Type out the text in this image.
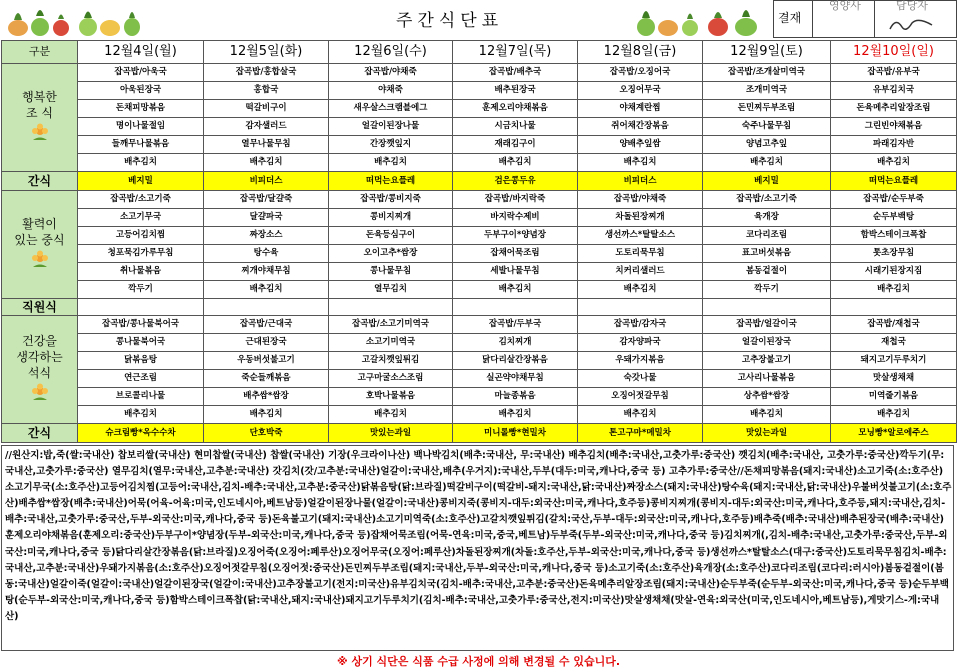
주간식단표	결재
영양사	담당자
구분	12월4일(월)	12월5일(화)	12월6일(수)	12월7일(목)	12월8일(금)	12월9일(토)	12월10일(일)

행복한
조 식	잡곡밥/아욱국	잡곡밥/홍합살국	잡곡밥/야채죽	잡곡밥/배추국	잡곡밥/오징어국	잡곡밥/조개살미역국	잡곡밥/유부국
	아욱된장국	홍합국	야채죽	배추된장국	오징어무국	조개미역국	유부김치국
	돈채피망볶음	떡갈비구이	새우살스크램블에그	훈제오리야채볶음	야채계란찜	돈민찌두부조림	돈육메추리알장조림
	명이나물절임	감자샐러드	얼갈이된장나물	시금치나물	쥐어채간장볶음	숙주나물무침	그린빈야채볶음
	들깨무나물볶음	열무나물무침	간장깻잎지	재래김구이	양배추잎쌈	양념고추잎	파래김자반
	배추김치	배추김치	배추김치	배추김치	배추김치	배추김치	배추김치
간식	베지밀	비피더스	떠먹는요플레	검은콩두유	비피더스	베지밀	떠먹는요플레

활력이
있는 중식	잡곡밥/소고기죽	잡곡밥/달걀죽	잡곡밥/콩비지죽	잡곡밥/바지락죽	잡곡밥/야채죽	잡곡밥/소고기죽	잡곡밥/순두부죽
	소고기무국	달걀파국	콩비지찌개	바지락수제비	차돌된장찌개	육개장	순두부백탕
	고등어김치찜	짜장소스	돈육등심구이	두부구이*양념장	생선까스*탈탈소스	코다리조림	함박스테이크폭찹
	청포묵김가루무침	탕수육	오이고추*쌈장	잡채어묵조림	도토리묵무침	표고버섯볶음	톳초장무침
	취나물볶음	찌개야채무침	콩나물무침	세발나물무침	치커리샐러드	봄동겉절이	시래기된장지짐
	깍두기	배추김치	열무김치	배추김치	배추김치	깍두기	배추김치
직원식							

건강을
생각하는
석식	잡곡밥/콩나물북어국	잡곡밥/근대국	잡곡밥/소고기미역국	잡곡밥/두부국	잡곡밥/감자국	잡곡밥/얼갈이국	잡곡밥/재첩국
	콩나물북어국	근대된장국	소고기미역국	김치찌개	감자양파국	얼갈이된장국	재첩국
	닭볶음탕	우동버섯불고기	고갈치깻잎튀김	닭다리살간장볶음	우돼가지볶음	고추장불고기	돼지고기두루치기
	연근조림	죽순들깨볶음	고구마굴소스조림	실곤약야채무침	숙갓나물	고사리나물볶음	맛살생채채
	브로콜리나물	배추쌈*쌈장	호박나물볶음	마늘종볶음	오징어젓갈무침	상추쌈*쌈장	미역줄기볶음
	배추김치	배추김치	배추김치	배추김치	배추김치	배추김치	배추김치
간식	슈크림빵*옥수수차	단호박죽	맛있는과일	미니롤빵*현밀차	톤고구마*메밀차	맛있는과일	모닝빵*알로에주스
//원산지:밥,죽(쌀:국내산) 찹보리쌀(국내산) 현미찹쌀(국내산) 찹쌀(국내산) 기장(우크라이나산) 백나박김치(배추:국내산, 무:국내산) 배추김치(배추:국내산,고춧가루:중국산) 깻김치(배추:국내산, 고춧가루:중국산)깍두기(무:국내산,고춧가루:중국산) 열무김치(열무:국내산,고추분:국내산) 갓김치(갓/고추분:국내산)얼갈이:국내산,배추(우거지):국내산,두부(대두:미국,캐나다,중국 등) 고추가루:중국산//돈채피망볶음(돼지:국내산)소고기죽(소:호주산)소고기무국(소:호주산)고등어김치찜(고등어:국내산,김치-배추:국내산,고추분:중국산)닭볶음탕(닭:브라질)떡갈비구이(떡갈비-돼지:국내산,닭:국내산)짜장소스(돼지:국내산)탕수육(돼지:국내산,닭:국내산)우불버섯불고기(소:호주산)배추쌈*쌈장(배추:국내산)어묵(어육-어육:미국,인도네시아,베트남등)얼갈이된장나물(얼갈이:국내산)콩비지죽(콩비지-대두:외국산:미국,캐나다,호주등)콩비지찌개(콩비지-대두:외국산:미국,캐나다,호주등,돼지:국내산,김치-배추:국내산,고춧가루:중국산,두부-외국산:미국,캐나다,중국 등)돈육불고기(돼지:국내산)소고기미역죽(소:호주산)고갈치깻잎튀김(갈치:국산,두부-대두:외국산:미국,캐나다,호주등)배추죽(배추:국내산)배추된장국(배추:국내산)훈제오리야채볶음(훈제오리:중국산)두부구이*양념장(두부-외국산:미국,캐나다,중국 등)잡채어묵조림(어묵-연육:미국,중국,베트남)두부죽(두부-외국산:미국,캐나다,중국 등)김치찌개(,김치-배추:국내산,고춧가루:중국산,두부-외국산:미국,캐나다,중국 등)닭다리살간장볶음(닭:브라질)오징어죽(오징어:페루산)오징어무국(오징어:페루산)차돌된장찌개(차돌:호주산,두부-외국산:미국,캐나다,중국 등)생선까스*탈탈소스(대구:중국산)도토리묵무침김치-배추:국내산,고추분:국내산)우돼가지볶음(소:호주산)오징어젓갈무침(오징어젓:중국산)돈민찌두부조림(돼지:국내산,두부-외국산:미국,캐나다,중국 등)소고기죽(소:호주산)육개장(소:호주산)코다리조림(코다리:러시아)봄동겉절이(봄동:국내산)얼갈이죽(얼갈이:국내산)얼갈이된장국(얼갈이:국내산)고추장불고기(전지:미국산)유부김치국(김치-배추:국내산,고추분:중국산)돈육메추리알장조림(돼지:국내산)순두부죽(순두부-외국산:미국,캐나다,중국 등)순두부백탕(순두부-외국산:미국,캐나다,중국 등)함박스테이크폭찹(닭:국내산,돼지:국내산)돼지고기두루치기(김치-배추:국내산,고춧가루:중국산,전지:미국산)맛살생채채(맛살-연육:외국산(미국,인도네시아,베트남등),게맛기스-게:국내산)
※ 상기 식단은 식품 수급 사정에 의해 변경될 수 있습니다.
